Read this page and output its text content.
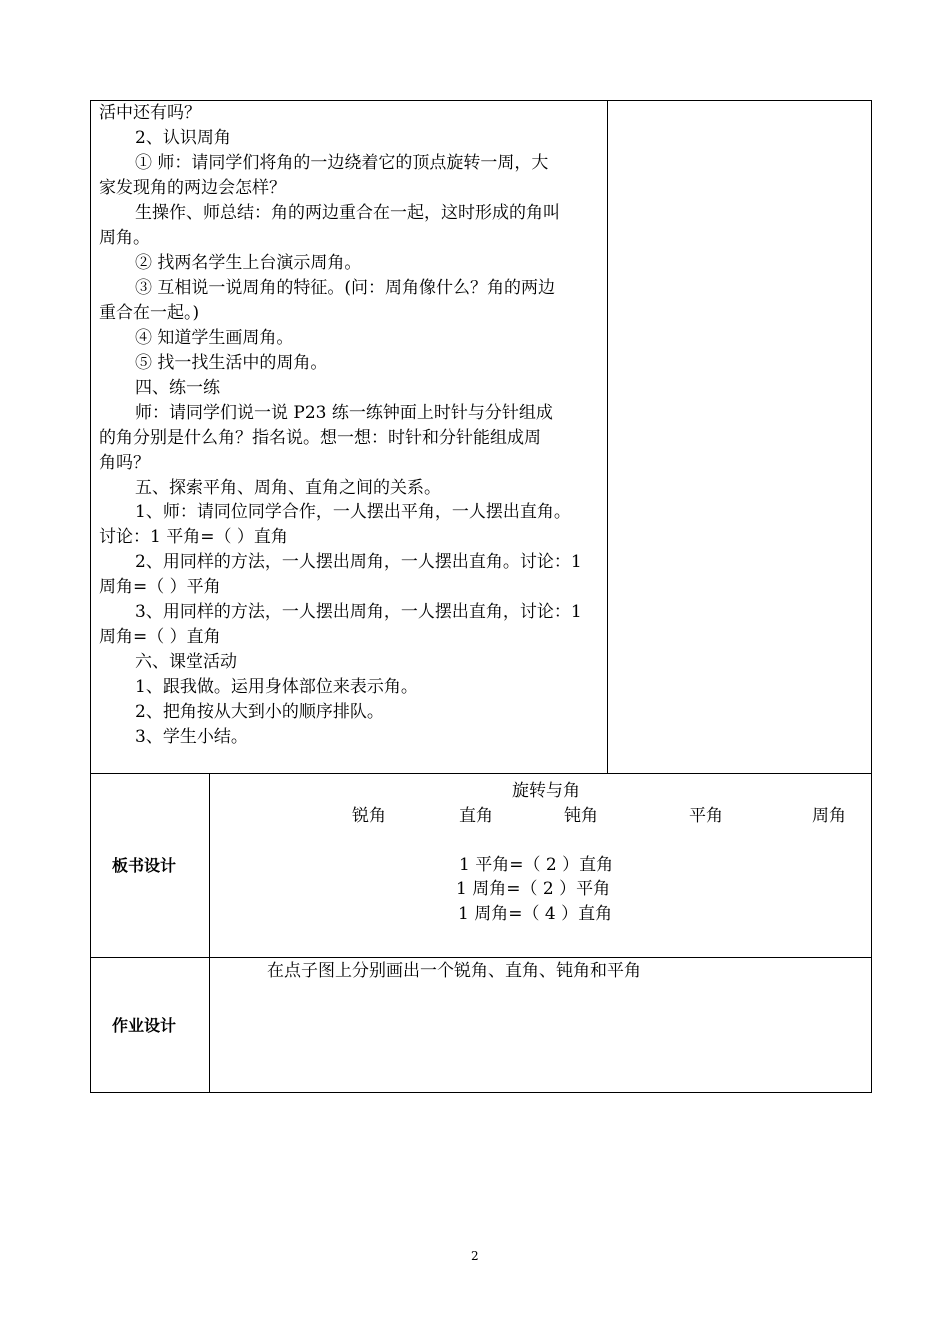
活中还有吗？
2、认识周角
① 师：请同学们将角的一边绕着它的顶点旋转一周，大
家发现角的两边会怎样？
生操作、师总结：角的两边重合在一起，这时形成的角叫
周角。
② 找两名学生上台演示周角。
③ 互相说一说周角的特征。(问：周角像什么？角的两边
重合在一起。)
④ 知道学生画周角。
⑤ 找一找生活中的周角。
四、练一练
师：请同学们说一说 P23 练一练钟面上时针与分针组成
的角分别是什么角？指名说。想一想：时针和分针能组成周
角吗？
五、探索平角、周角、直角之间的关系。
1、师：请同位同学合作，一人摆出平角，一人摆出直角。
讨论：1 平角=（ ）直角
2、用同样的方法，一人摆出周角，一人摆出直角。讨论：1
周角=（ ）平角
3、用同样的方法，一人摆出周角，一人摆出直角，讨论：1
周角=（ ）直角
六、课堂活动
1、跟我做。运用身体部位来表示角。
2、把角按从大到小的顺序排队。
3、学生小结。
板书设计
旋转与角
锐角	直角	钝角	平角	周角
1 平角=（ 2 ）直角
1 周角=（ 2 ）平角
1 周角=（ 4 ）直角
作业设计
在点子图上分别画出一个锐角、直角、钝角和平角
2
